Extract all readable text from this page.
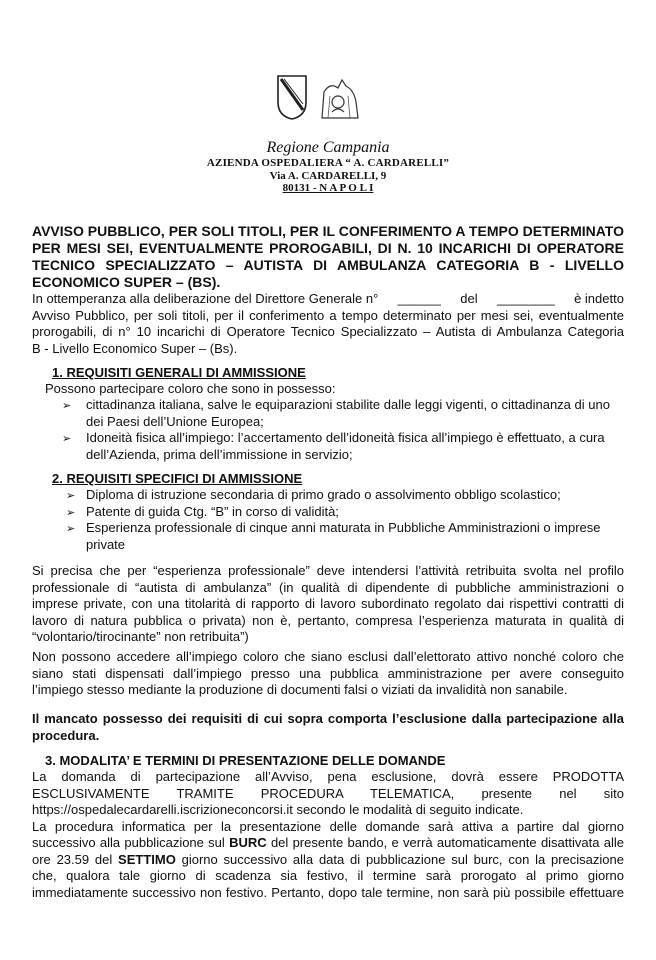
Regione Campania
AZIENDA OSPEDALIERA “ A. CARDARELLI”
Via A. CARDARELLI, 9
80131 - N A P O L I
AVVISO PUBBLICO, PER SOLI TITOLI, PER IL CONFERIMENTO A TEMPO DETERMINATO
PER MESI SEI, EVENTUALMENTE PROROGABILI, DI N. 10 INCARICHI DI OPERATORE
TECNICO SPECIALIZZATO – AUTISTA DI AMBULANZA CATEGORIA B - LIVELLO
ECONOMICO SUPER – (BS).
In ottemperanza alla deliberazione del Direttore Generale n° ______ del ________ è indetto
Avviso Pubblico, per soli titoli, per il conferimento a tempo determinato per mesi sei, eventualmente
prorogabili, di n° 10 incarichi di Operatore Tecnico Specializzato – Autista di Ambulanza Categoria
B - Livello Economico Super – (Bs).
1. REQUISITI GENERALI DI AMMISSIONE
Possono partecipare coloro che sono in possesso:
➢ cittadinanza italiana, salve le equiparazioni stabilite dalle leggi vigenti, o cittadinanza di uno
dei Paesi dell’Unione Europea;
➢ Idoneità fisica all’impiego: l’accertamento dell’idoneità fisica all’impiego è effettuato, a cura
dell’Azienda, prima dell’immissione in servizio;
2. REQUISITI SPECIFICI DI AMMISSIONE
➢ Diploma di istruzione secondaria di primo grado o assolvimento obbligo scolastico;
➢ Patente di guida Ctg. “B” in corso di validità;
➢ Esperienza professionale di cinque anni maturata in Pubbliche Amministrazioni o imprese
private
Si precisa che per “esperienza professionale” deve intendersi l’attività retribuita svolta nel profilo
professionale di “autista di ambulanza” (in qualità di dipendente di pubbliche amministrazioni o
imprese private, con una titolarità di rapporto di lavoro subordinato regolato dai rispettivi contratti di
lavoro di natura pubblica o privata) non è, pertanto, compresa l’esperienza maturata in qualità di
“volontario/tirocinante” non retribuita”)
Non possono accedere all’impiego coloro che siano esclusi dall’elettorato attivo nonché coloro che
siano stati dispensati dall’impiego presso una pubblica amministrazione per avere conseguito
l’impiego stesso mediante la produzione di documenti falsi o viziati da invalidità non sanabile.
Il mancato possesso dei requisiti di cui sopra comporta l’esclusione dalla partecipazione alla
procedura.
3. MODALITA’ E TERMINI DI PRESENTAZIONE DELLE DOMANDE
La domanda di partecipazione all’Avviso, pena esclusione, dovrà essere PRODOTTA
ESCLUSIVAMENTE TRAMITE PROCEDURA TELEMATICA, presente nel sito
https://ospedalecardarelli.iscrizioneconcorsi.it secondo le modalità di seguito indicate.
La procedura informatica per la presentazione delle domande sarà attiva a partire dal giorno
successivo alla pubblicazione sul BURC del presente bando, e verrà automaticamente disattivata alle
ore 23.59 del SETTIMO giorno successivo alla data di pubblicazione sul burc, con la precisazione
che, qualora tale giorno di scadenza sia festivo, il termine sarà prorogato al primo giorno
immediatamente successivo non festivo. Pertanto, dopo tale termine, non sarà più possibile effettuare
